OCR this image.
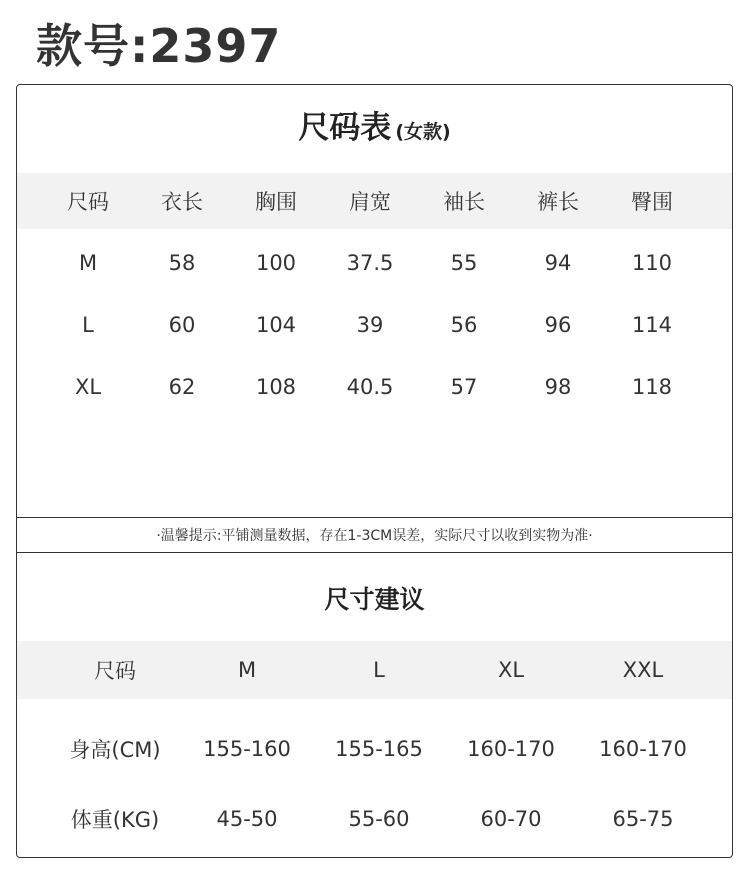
款号:2397
尺码表 (女款)
尺码	衣长	胸围	肩宽	袖长	裤长	臀围
M	58	100	37.5	55	94	110
L	60	104	39	56	96	114
XL	62	108	40.5	57	98	118
·温馨提示:平铺测量数据，存在1-3CM误差，实际尺寸以收到实物为准·
尺寸建议
尺码	M	L	XL	XXL
身高(CM)	155-160	155-165	160-170	160-170
体重(KG)	45-50	55-60	60-70	65-75
